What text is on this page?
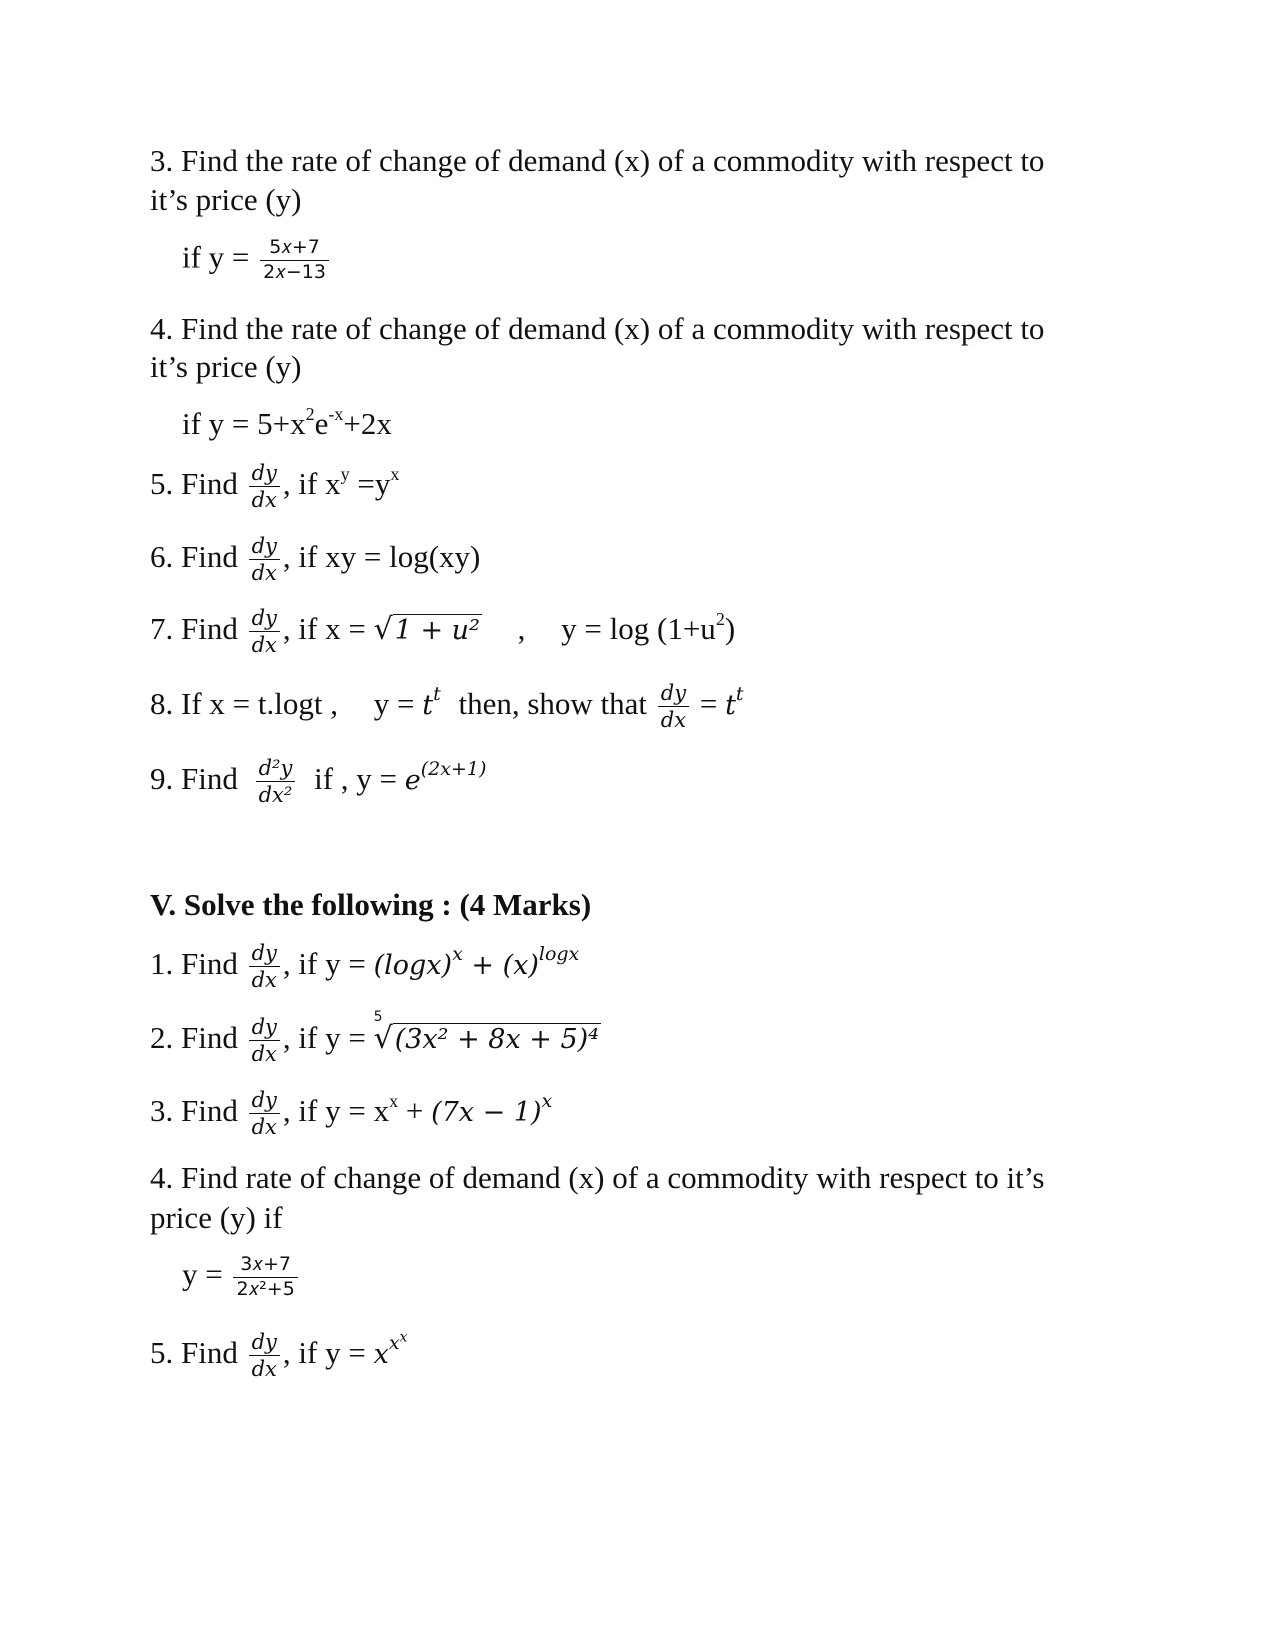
3. Find the rate of change of demand (x) of a commodity with respect to
it’s price (y)
if $y = \frac{\text{5𝑥+7}}{\text{2𝑥−13}}$
4. Find the rate of change of demand (x) of a commodity with respect to
it’s price (y)
if $y = 5+x^2e^{-x}+2x$
5. Find $\frac{dy}{dx}$ , if $x^y =y^x$
6. Find $\frac{dy}{dx}$ , if xy = log(xy)
7. Find $\frac{dy}{dx}$ , if x = √1 + 𝑢² , $y = \log (1+u^2)$
8. If x = t.logt , y = 𝑡$^𝑡$ then, show that $\frac{dy}{dx}$ = 𝑡$^𝑡$
9. Find $\frac{\text{d²y}}{\text{dx²}}$ if , y = 𝑒$^{(2𝑥+1)}$
V. Solve the following : (4 Marks)
1. Find $\frac{dy}{dx}$ , if y = (𝑙𝑜𝑔𝑥)$^𝑥$ + (𝑥)$^{𝑙𝑜𝑔𝑥}$
2. Find $\frac{dy}{dx}$ , if y =
5
√(3𝑥² + 8𝑥 + 5)⁴
3. Find $\frac{dy}{dx}$ , if $y = x^x$ + (7𝑥 − 1)$^𝑥$
4. Find rate of change of demand (x) of a commodity with respect to it’s
price (y) if
$y = \frac{\text{3𝑥+7}}{\text{2𝑥²+5}}$
5. Find $\frac{dy}{dx}$ , if y = 𝑥$^{𝑥^𝑥}$
